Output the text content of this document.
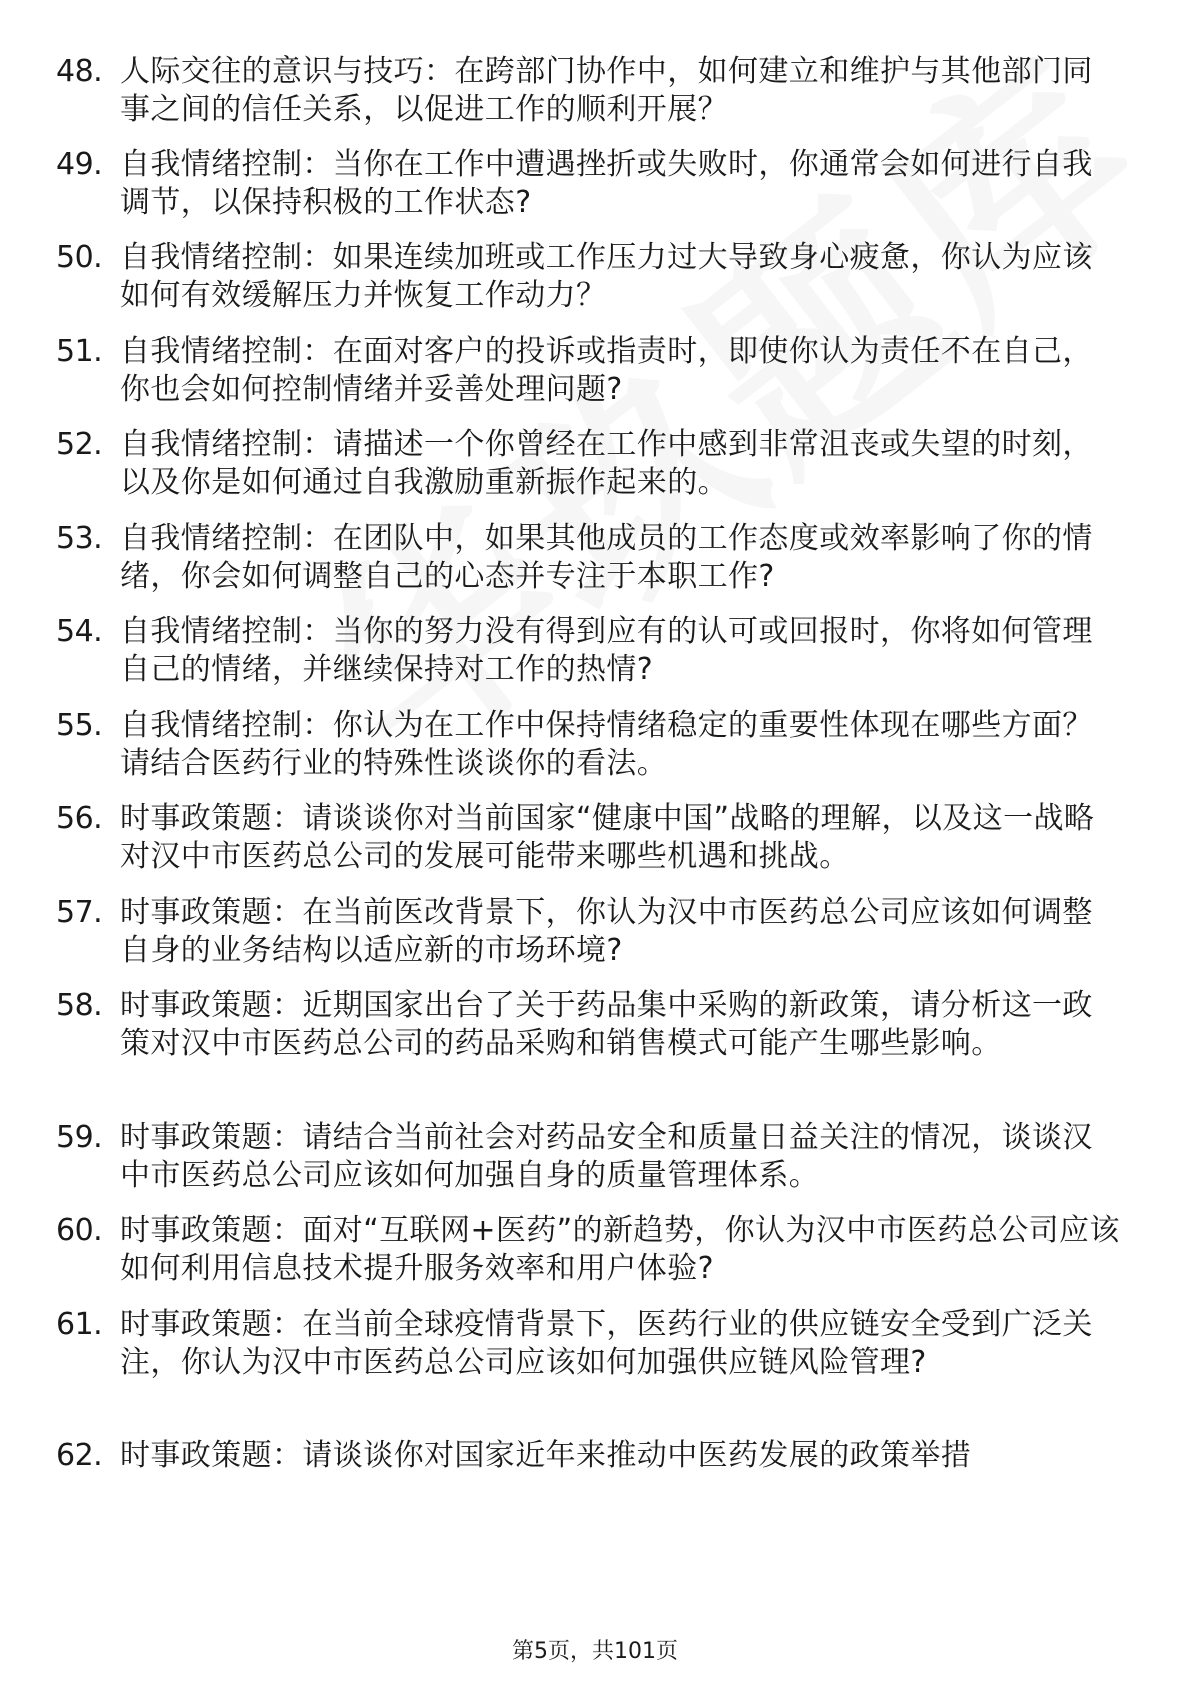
48. 人际交往的意识与技巧：在跨部门协作中，如何建立和维护与其他部门同事之间的信任关系，以促进工作的顺利开展？
49. 自我情绪控制：当你在工作中遭遇挫折或失败时，你通常会如何进行自我调节，以保持积极的工作状态?
50. 自我情绪控制：如果连续加班或工作压力过大导致身心疲惫，你认为应该如何有效缓解压力并恢复工作动力？
51. 自我情绪控制：在面对客户的投诉或指责时，即使你认为责任不在自己，你也会如何控制情绪并妥善处理问题?
52. 自我情绪控制：请描述一个你曾经在工作中感到非常沮丧或失望的时刻，以及你是如何通过自我激励重新振作起来的。
53. 自我情绪控制：在团队中，如果其他成员的工作态度或效率影响了你的情绪，你会如何调整自己的心态并专注于本职工作?
54. 自我情绪控制：当你的努力没有得到应有的认可或回报时，你将如何管理自己的情绪，并继续保持对工作的热情?
55. 自我情绪控制：你认为在工作中保持情绪稳定的重要性体现在哪些方面？请结合医药行业的特殊性谈谈你的看法。
56. 时事政策题：请谈谈你对当前国家“健康中国”战略的理解，以及这一战略对汉中市医药总公司的发展可能带来哪些机遇和挑战。
57. 时事政策题：在当前医改背景下，你认为汉中市医药总公司应该如何调整自身的业务结构以适应新的市场环境?
58. 时事政策题：近期国家出台了关于药品集中采购的新政策，请分析这一政策对汉中市医药总公司的药品采购和销售模式可能产生哪些影响。
59. 时事政策题：请结合当前社会对药品安全和质量日益关注的情况，谈谈汉中市医药总公司应该如何加强自身的质量管理体系。
60. 时事政策题：面对“互联网+医药”的新趋势，你认为汉中市医药总公司应该如何利用信息技术提升服务效率和用户体验?
61. 时事政策题：在当前全球疫情背景下，医药行业的供应链安全受到广泛关注，你认为汉中市医药总公司应该如何加强供应链风险管理?
62. 时事政策题：请谈谈你对国家近年来推动中医药发展的政策举措
第5页，共101页
